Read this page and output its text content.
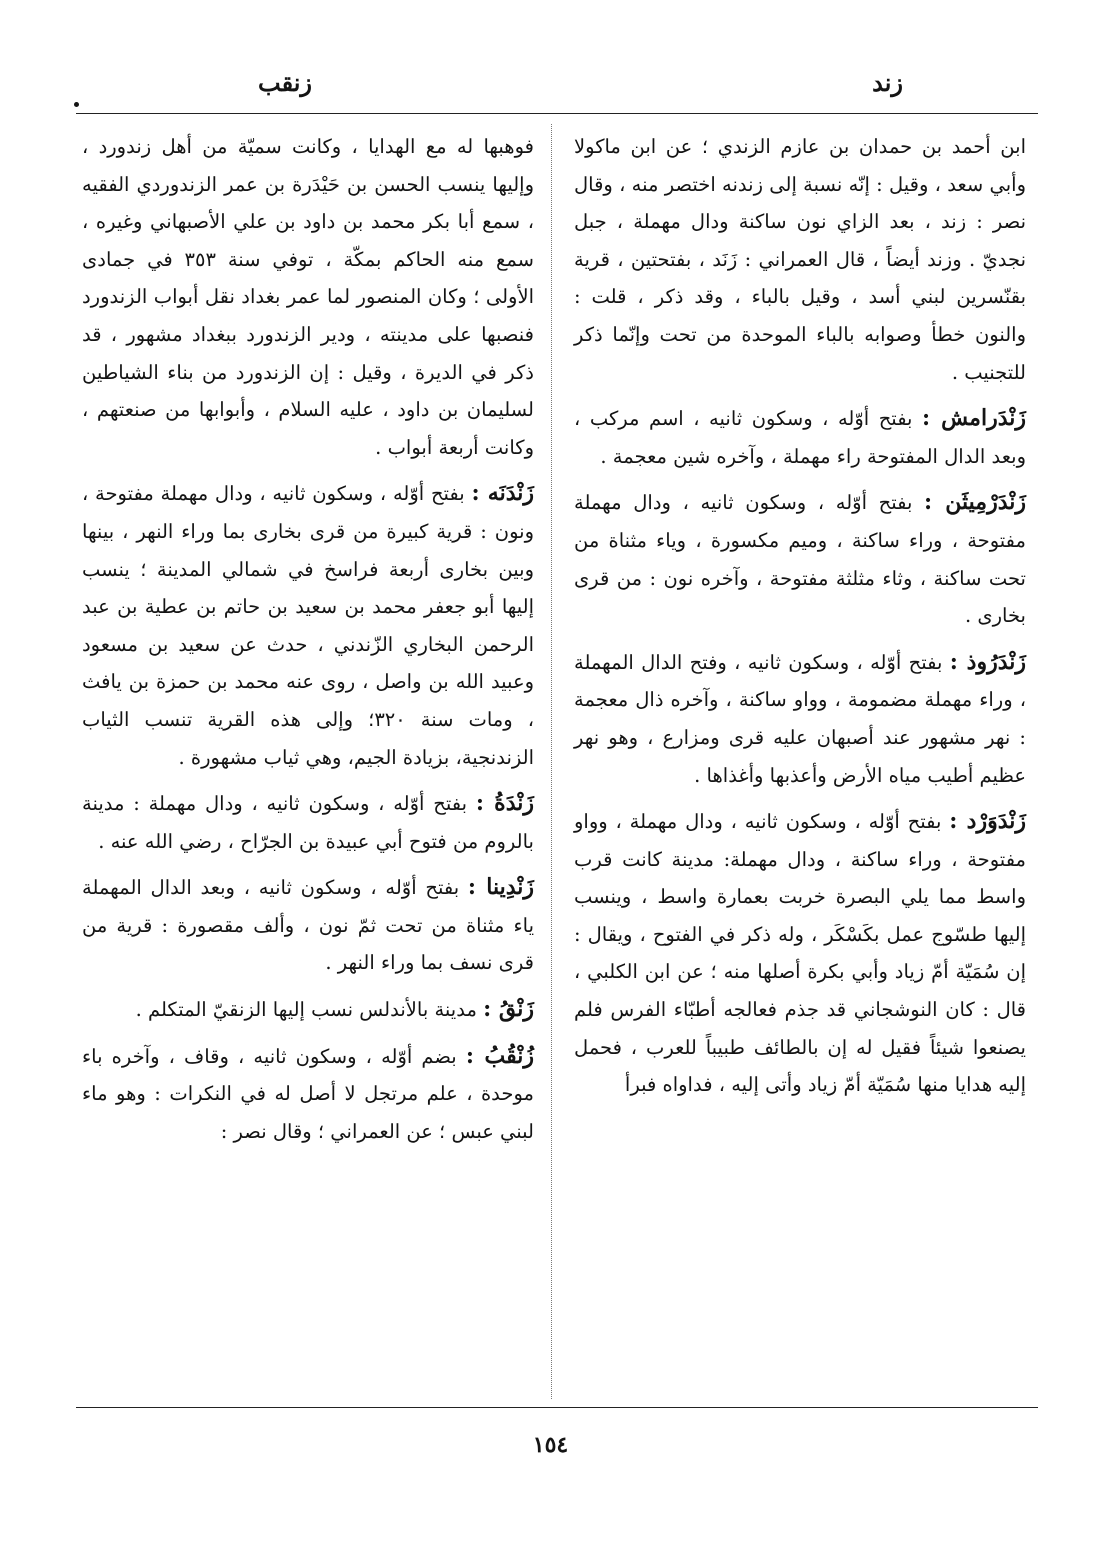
زند
زنقب

ابن أحمد بن حمدان بن عازم الزندي ؛ عن ابن ماكولا وأبي سعد ، وقيل : إنّه نسبة إلى زندنه اختصر منه ، وقال نصر : زند ، بعد الزاي نون ساكنة ودال مهملة ، جبل نجديّ . وزند أيضاً ، قال العمراني : زَنَد ، بفتحتين ، قرية بقنّسرين لبني أسد ، وقيل بالباء ، وقد ذكر ، قلت : والنون خطأ وصوابه بالباء الموحدة من تحت وإنّما ذكر للتجنيب .

زَنْدَرامش : بفتح أوّله ، وسكون ثانيه ، اسم مركب ، وبعد الدال المفتوحة راء مهملة ، وآخره شين معجمة .

زَنْدَرْمِيثَن : بفتح أوّله ، وسكون ثانيه ، ودال مهملة مفتوحة ، وراء ساكنة ، وميم مكسورة ، وياء مثناة من تحت ساكنة ، وثاء مثلثة مفتوحة ، وآخره نون : من قرى بخارى .

زَنْدَرُوذ : بفتح أوّله ، وسكون ثانيه ، وفتح الدال المهملة ، وراء مهملة مضمومة ، وواو ساكنة ، وآخره ذال معجمة : نهر مشهور عند أصبهان عليه قرى ومزارع ، وهو نهر عظيم أطيب مياه الأرض وأعذبها وأغذاها .

زَنْدَوَرْد : بفتح أوّله ، وسكون ثانيه ، ودال مهملة ، وواو مفتوحة ، وراء ساكنة ، ودال مهملة: مدينة كانت قرب واسط مما يلي البصرة خربت بعمارة واسط ، وينسب إليها طسّوج عمل بكَسْكَر ، وله ذكر في الفتوح ، ويقال : إن سُمَيّة أمّ زياد وأبي بكرة أصلها منه ؛ عن ابن الكلبي ، قال : كان النوشجاني قد جذم فعالجه أطبّاء الفرس فلم يصنعوا شيئاً فقيل له إن بالطائف طبيباً للعرب ، فحمل إليه هدايا منها سُمَيّة أمّ زياد وأتى إليه ، فداواه فبرأ

فوهبها له مع الهدايا ، وكانت سميّة من أهل زندورد ، وإليها ينسب الحسن بن حَيْدَرة بن عمر الزندوردي الفقيه ، سمع أبا بكر محمد بن داود بن علي الأصبهاني وغيره ، سمع منه الحاكم بمكّة ، توفي سنة ٣٥٣ في جمادى الأولى ؛ وكان المنصور لما عمر بغداد نقل أبواب الزندورد فنصبها على مدينته ، ودير الزندورد ببغداد مشهور ، قد ذكر في الديرة ، وقيل : إن الزندورد من بناء الشياطين لسليمان بن داود ، عليه السلام ، وأبوابها من صنعتهم ، وكانت أربعة أبواب .

زَنْدَنَه : بفتح أوّله ، وسكون ثانيه ، ودال مهملة مفتوحة ، ونون : قرية كبيرة من قرى بخارى بما وراء النهر ، بينها وبين بخارى أربعة فراسخ في شمالي المدينة ؛ ينسب إليها أبو جعفر محمد بن سعيد بن حاتم بن عطية بن عبد الرحمن البخاري الزّندني ، حدث عن سعيد بن مسعود وعبيد الله بن واصل ، روى عنه محمد بن حمزة بن يافث ، ومات سنة ٣٢٠؛ وإلى هذه القرية تنسب الثياب الزندنجية، بزيادة الجيم، وهي ثياب مشهورة .

زَنْدَةُ : بفتح أوّله ، وسكون ثانيه ، ودال مهملة : مدينة بالروم من فتوح أبي عبيدة بن الجرّاح ، رضي الله عنه .

زَنْدِينا : بفتح أوّله ، وسكون ثانيه ، وبعد الدال المهملة ياء مثناة من تحت ثمّ نون ، وألف مقصورة : قرية من قرى نسف بما وراء النهر .

زَنْقُ : مدينة بالأندلس نسب إليها الزنقيّ المتكلم .

زُنْقُبُ : بضم أوّله ، وسكون ثانيه ، وقاف ، وآخره باء موحدة ، علم مرتجل لا أصل له في النكرات : وهو ماء لبني عبس ؛ عن العمراني ؛ وقال نصر :

١٥٤
